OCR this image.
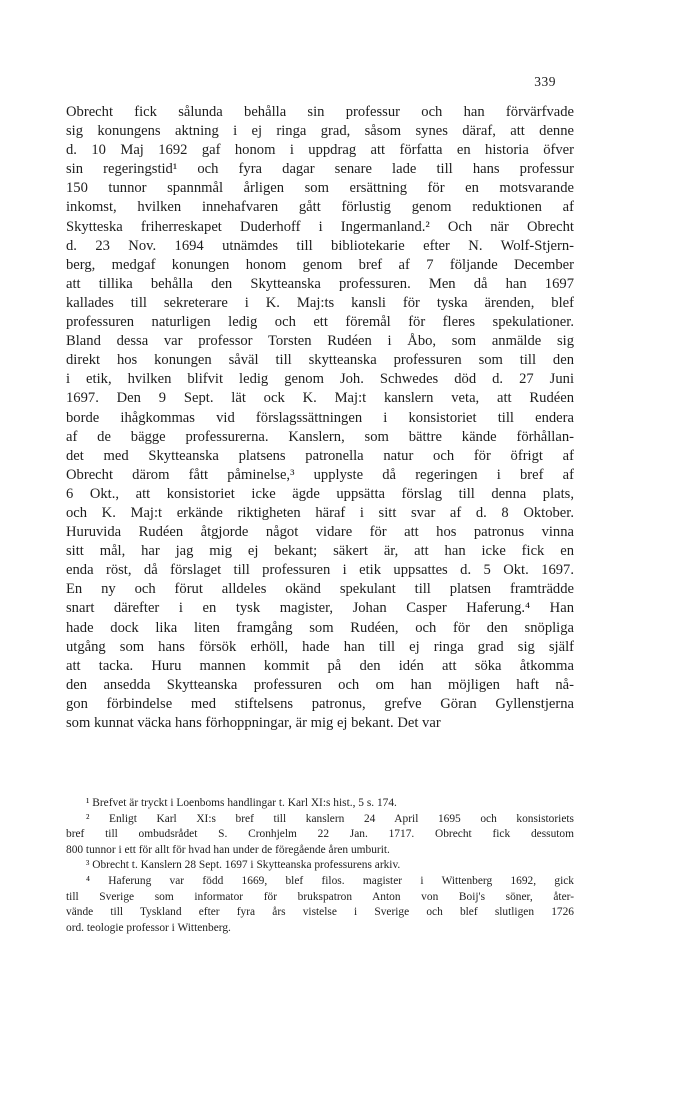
339
Obrecht fick sålunda behålla sin professur och han förvärfvade
sig konungens aktning i ej ringa grad, såsom synes däraf, att denne
d. 10 Maj 1692 gaf honom i uppdrag att författa en historia öfver
sin regeringstid¹ och fyra dagar senare lade till hans professur
150 tunnor spannmål årligen som ersättning för en motsvarande
inkomst, hvilken innehafvaren gått förlustig genom reduktionen af
Skytteska friherreskapet Duderhoff i Ingermanland.² Och när Obrecht
d. 23 Nov. 1694 utnämdes till bibliotekarie efter N. Wolf-Stjern-
berg, medgaf konungen honom genom bref af 7 följande December
att tillika behålla den Skytteanska professuren. Men då han 1697
kallades till sekreterare i K. Maj:ts kansli för tyska ärenden, blef
professuren naturligen ledig och ett föremål för fleres spekulationer.
Bland dessa var professor Torsten Rudéen i Åbo, som anmälde sig
direkt hos konungen såväl till skytteanska professuren som till den
i etik, hvilken blifvit ledig genom Joh. Schwedes död d. 27 Juni
1697. Den 9 Sept. lät ock K. Maj:t kanslern veta, att Rudéen
borde ihågkommas vid förslagssättningen i konsistoriet till endera
af de bägge professurerna. Kanslern, som bättre kände förhållan-
det med Skytteanska platsens patronella natur och för öfrigt af
Obrecht därom fått påminelse,³ upplyste då regeringen i bref af
6 Okt., att konsistoriet icke ägde uppsätta förslag till denna plats,
och K. Maj:t erkände riktigheten häraf i sitt svar af d. 8 Oktober.
Huruvida Rudéen åtgjorde något vidare för att hos patronus vinna
sitt mål, har jag mig ej bekant; säkert är, att han icke fick en
enda röst, då förslaget till professuren i etik uppsattes d. 5 Okt. 1697.
En ny och förut alldeles okänd spekulant till platsen framträdde
snart därefter i en tysk magister, Johan Casper Haferung.⁴ Han
hade dock lika liten framgång som Rudéen, och för den snöpliga
utgång som hans försök erhöll, hade han till ej ringa grad sig själf
att tacka. Huru mannen kommit på den idén att söka åtkomma
den ansedda Skytteanska professuren och om han möjligen haft nå-
gon förbindelse med stiftelsens patronus, grefve Göran Gyllenstjerna
som kunnat väcka hans förhoppningar, är mig ej bekant. Det var
¹ Brefvet är tryckt i Loenboms handlingar t. Karl XI:s hist., 5 s. 174.
² Enligt Karl XI:s bref till kanslern 24 April 1695 och konsistoriets
bref till ombudsrådet S. Cronhjelm 22 Jan. 1717. Obrecht fick dessutom
800 tunnor i ett för allt för hvad han under de föregående åren umburit.
³ Obrecht t. Kanslern 28 Sept. 1697 i Skytteanska professurens arkiv.
⁴ Haferung var född 1669, blef filos. magister i Wittenberg 1692, gick
till Sverige som informator för brukspatron Anton von Boij's söner, åter-
vände till Tyskland efter fyra års vistelse i Sverige och blef slutligen 1726
ord. teologie professor i Wittenberg.
